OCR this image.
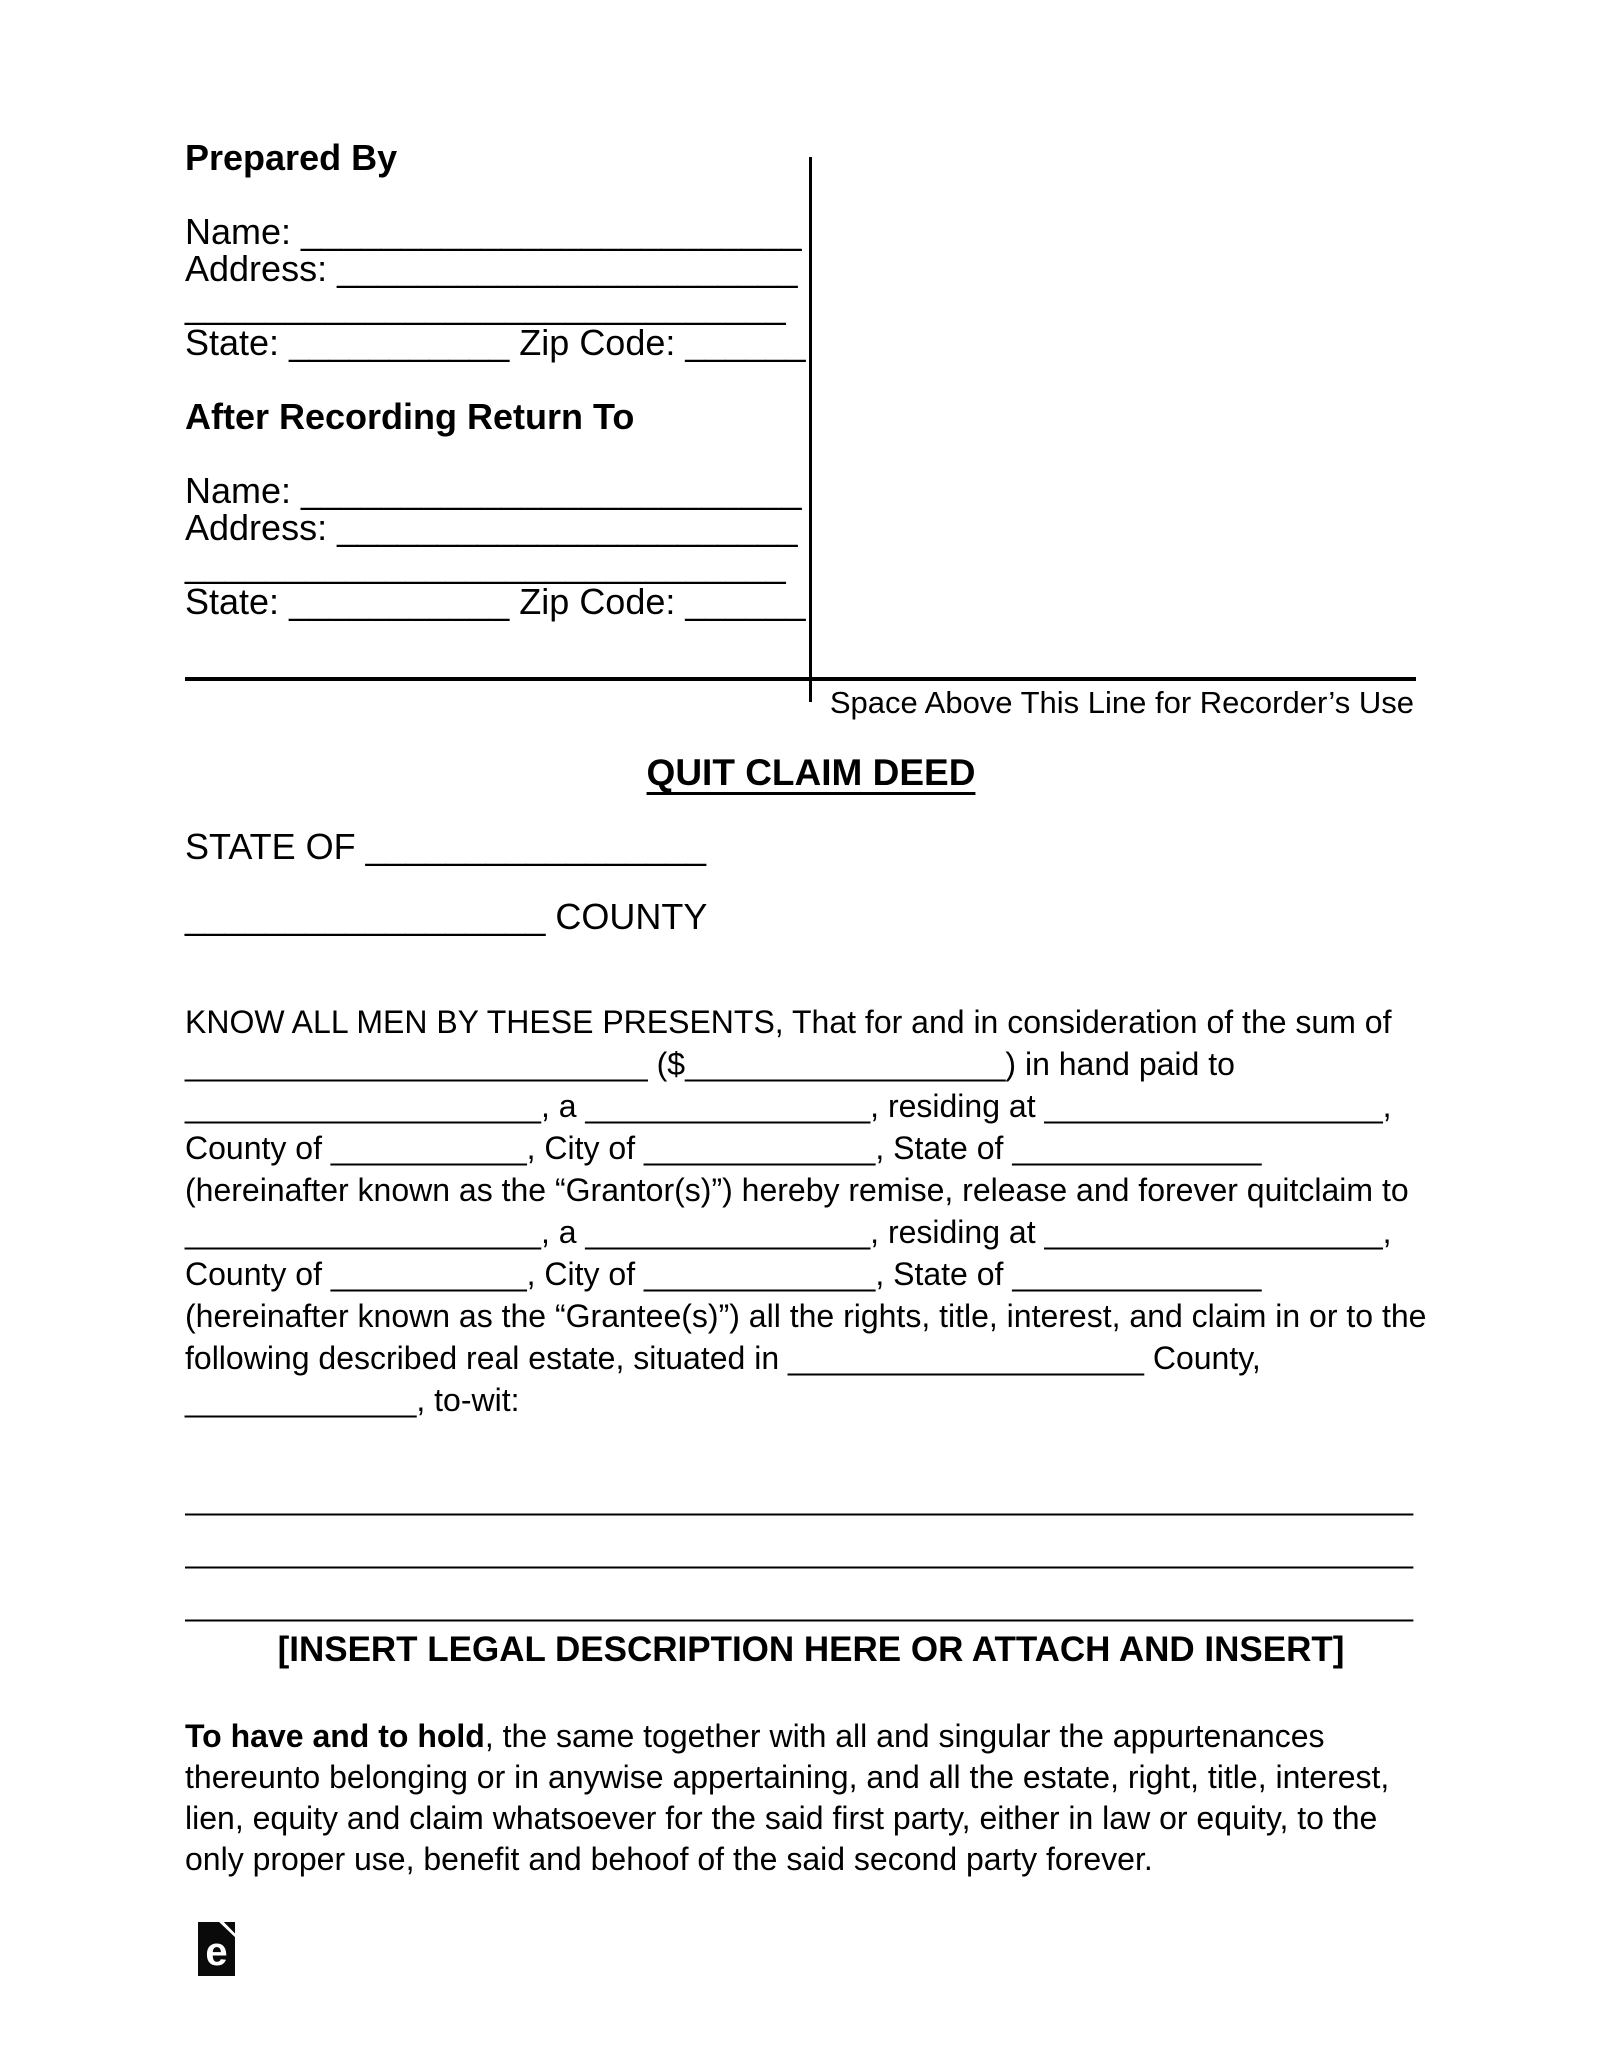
Prepared By
Name: _________________________
Address: _______________________
______________________________
State: ___________ Zip Code: ______
After Recording Return To
Name: _________________________
Address: _______________________
______________________________
State: ___________ Zip Code: ______
Space Above This Line for Recorder’s Use
QUIT CLAIM DEED
STATE OF _________________
__________________ COUNTY
KNOW ALL MEN BY THESE PRESENTS, That for and in consideration of the sum of
__________________________ ($__________________) in hand paid to
____________________, a ________________, residing at ___________________,
County of ___________, City of _____________, State of ______________
(hereinafter known as the “Grantor(s)”) hereby remise, release and forever quitclaim to
____________________, a ________________, residing at ___________________,
County of ___________, City of _____________, State of ______________
(hereinafter known as the “Grantee(s)”) all the rights, title, interest, and claim in or to the
following described real estate, situated in ____________________ County,
_____________, to-wit:
_____________________________________________________________________
_____________________________________________________________________
_____________________________________________________________________
[INSERT LEGAL DESCRIPTION HERE OR ATTACH AND INSERT]
To have and to hold, the same together with all and singular the appurtenances
thereunto belonging or in anywise appertaining, and all the estate, right, title, interest,
lien, equity and claim whatsoever for the said first party, either in law or equity, to the
only proper use, benefit and behoof of the said second party forever.
e
